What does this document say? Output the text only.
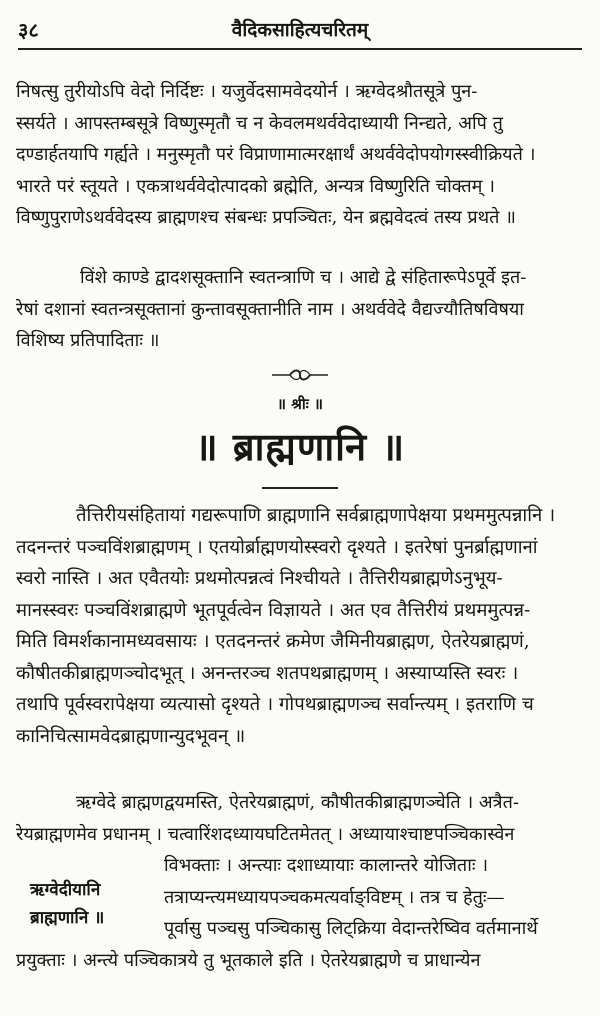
३८	वैदिकसाहित्यचरितम्

निषत्सु तुरीयोऽपि वेदो निर्दिष्टः । यजुर्वेदसामवेदयोर्न । ऋग्वेदश्रौतसूत्रे पुन-
स्सर्यते । आपस्तम्बसूत्रे विष्णुस्मृतौ च न केवलमथर्ववेदाध्यायी निन्द्यते, अपि तु
दण्डार्हतयापि गर्ह्यते । मनुस्मृतौ परं विप्राणामात्मरक्षार्थं अथर्ववेदोपयोगस्स्वीक्रियते ।
भारते परं स्तूयते । एकत्राथर्ववेदोत्पादको ब्रह्मेति, अन्यत्र विष्णुरिति चोक्तम् ।
विष्णुपुराणेऽथर्ववेदस्य ब्राह्मणश्च संबन्धः प्रपञ्चितः, येन ब्रह्मवेदत्वं तस्य प्रथते ॥

विंशे काण्डे द्वादशसूक्तानि स्वतन्त्राणि च । आद्ये द्वे संहितारूपेऽपूर्वे इत-
रेषां दशानां स्वतन्त्रसूक्तानां कुन्तावसूक्तानीति नाम । अथर्ववेदे वैद्यज्यौतिषविषया
विशिष्य प्रतिपादिताः ॥

॥ श्रीः ॥
॥ ब्राह्मणानि ॥

तैत्तिरीयसंहितायां गद्यरूपाणि ब्राह्मणानि सर्वब्राह्मणापेक्षया प्रथममुत्पन्नानि ।
तदनन्तरं पञ्चविंशब्राह्मणम् । एतयोर्ब्राह्मणयोस्स्वरो दृश्यते । इतरेषां पुनर्ब्राह्मणानां
स्वरो नास्ति । अत एवैतयोः प्रथमोत्पन्नत्वं निश्चीयते । तैत्तिरीयब्राह्मणेऽनुभूय-
मानस्स्वरः पञ्चविंशब्राह्मणे भूतपूर्वत्वेन विज्ञायते । अत एव तैत्तिरीयं प्रथममुत्पन्न-
मिति विमर्शकानामध्यवसायः । एतदनन्तरं क्रमेण जैमिनीयब्राह्मण, ऐतरेयब्राह्मणं,
कौषीतकीब्राह्मणञ्चोदभूत् । अनन्तरञ्च शतपथब्राह्मणम् । अस्याप्यस्ति स्वरः ।
तथापि पूर्वस्वरापेक्षया व्यत्यासो दृश्यते । गोपथब्राह्मणञ्च सर्वान्त्यम् । इतराणि च
कानिचित्सामवेदब्राह्मणान्युदभूवन् ॥

ऋग्वेदे ब्राह्मणद्वयमस्ति, ऐतरेयब्राह्मणं, कौषीतकीब्राह्मणञ्चेति । अत्रैत-
रेयब्राह्मणमेव प्रधानम् । चत्वारिंशदध्यायघटितमेतत् । अध्यायाश्चाष्टपञ्चिकास्वेन
विभक्ताः । अन्त्याः दशाध्यायाः कालान्तरे योजिताः ।
तत्राप्यन्त्यमध्यायपञ्चकमत्यर्वाङ्विष्टम् । तत्र च हेतुः—
पूर्वासु पञ्चसु पञ्चिकासु लिट्क्रिया वेदान्तरेष्विव वर्तमानार्थे
प्रयुक्ताः । अन्त्ये पञ्चिकात्रये तु भूतकाले इति । ऐतरेयब्राह्मणे च प्राधान्येन

ऋग्वेदीयानि
ब्राह्मणानि ॥
